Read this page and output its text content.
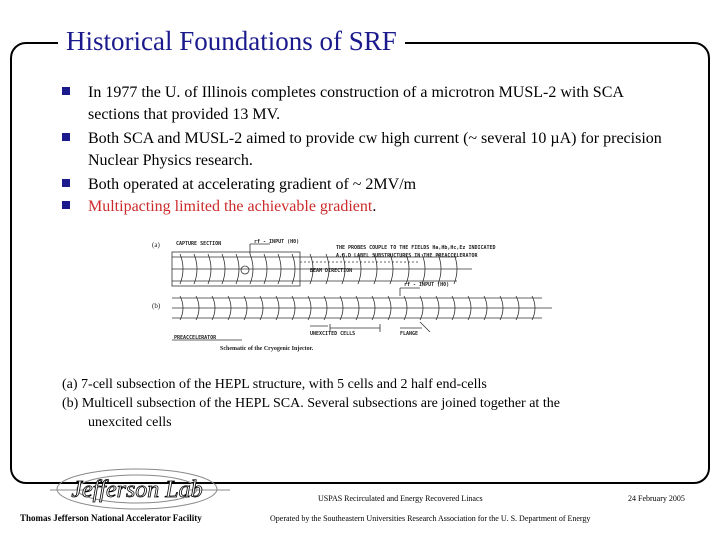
Historical Foundations of SRF
In 1977 the U. of Illinois completes construction of a microtron MUSL-2 with SCA sections that provided 13 MV.
Both SCA and MUSL-2 aimed to provide cw high current (~ several 10 µA) for precision Nuclear Physics research.
Both operated at accelerating gradient of ~ 2MV/m
Multipacting limited the achievable gradient.
(a)
(b)
CAPTURE SECTION	rf - INPUT (H0)
THE PROBES COUPLE TO THE FIELDS Ha,Hb,Hc,Ez INDICATED
A,B,D LABEL SUBSTRUCTURES IN THE PREACCELERATOR
BEAM DIRECTION
rf - INPUT (H0)
UNEXCITED CELLS	FLANGE
PREACCELERATOR
Schematic of the Cryogenic Injector.
(a) 7-cell subsection of the HEPL structure, with 5 cells and 2 half end-cells
(b) Multicell subsection of the HEPL SCA. Several subsections are joined together at the
unexcited cells
Jefferson Lab
Thomas Jefferson National Accelerator Facility
USPAS Recirculated and Energy Recovered Linacs
Operated by the Southeastern Universities Research Association for the U. S. Department of Energy
24 February 2005
